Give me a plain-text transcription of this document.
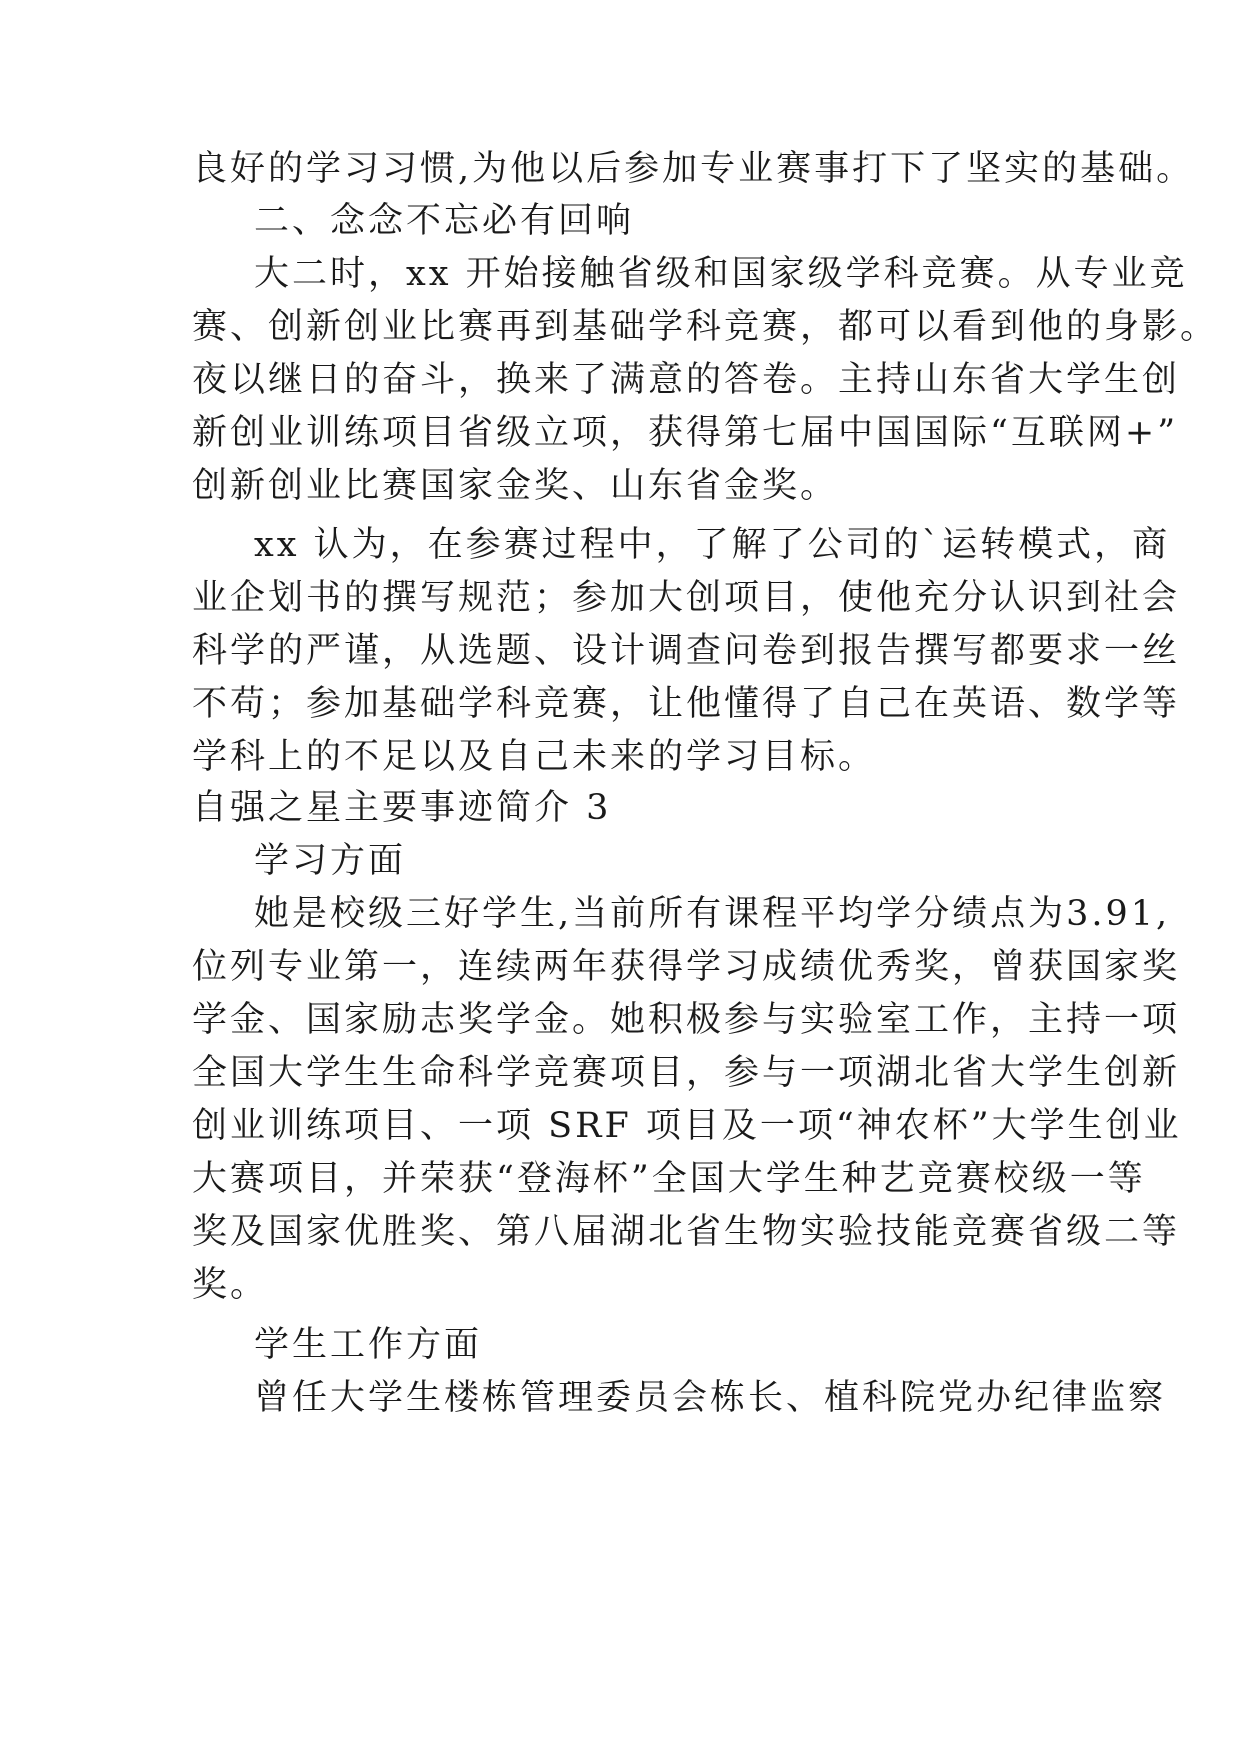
良好的学习习惯,为他以后参加专业赛事打下了坚实的基础。
二、念念不忘必有回响
大二时，xx 开始接触省级和国家级学科竞赛。从专业竞
赛、创新创业比赛再到基础学科竞赛，都可以看到他的身影。
夜以继日的奋斗，换来了满意的答卷。主持山东省大学生创
新创业训练项目省级立项，获得第七届中国国际“互联网+”
创新创业比赛国家金奖、山东省金奖。
xx 认为，在参赛过程中，了解了公司的`运转模式，商
业企划书的撰写规范；参加大创项目，使他充分认识到社会
科学的严谨，从选题、设计调查问卷到报告撰写都要求一丝
不苟；参加基础学科竞赛，让他懂得了自己在英语、数学等
学科上的不足以及自己未来的学习目标。
自强之星主要事迹简介 3
学习方面
她是校级三好学生,当前所有课程平均学分绩点为3.91,
位列专业第一，连续两年获得学习成绩优秀奖，曾获国家奖
学金、国家励志奖学金。她积极参与实验室工作，主持一项
全国大学生生命科学竞赛项目，参与一项湖北省大学生创新
创业训练项目、一项 SRF 项目及一项“神农杯”大学生创业
大赛项目，并荣获“登海杯”全国大学生种艺竞赛校级一等
奖及国家优胜奖、第八届湖北省生物实验技能竞赛省级二等
奖。
学生工作方面
曾任大学生楼栋管理委员会栋长、植科院党办纪律监察
